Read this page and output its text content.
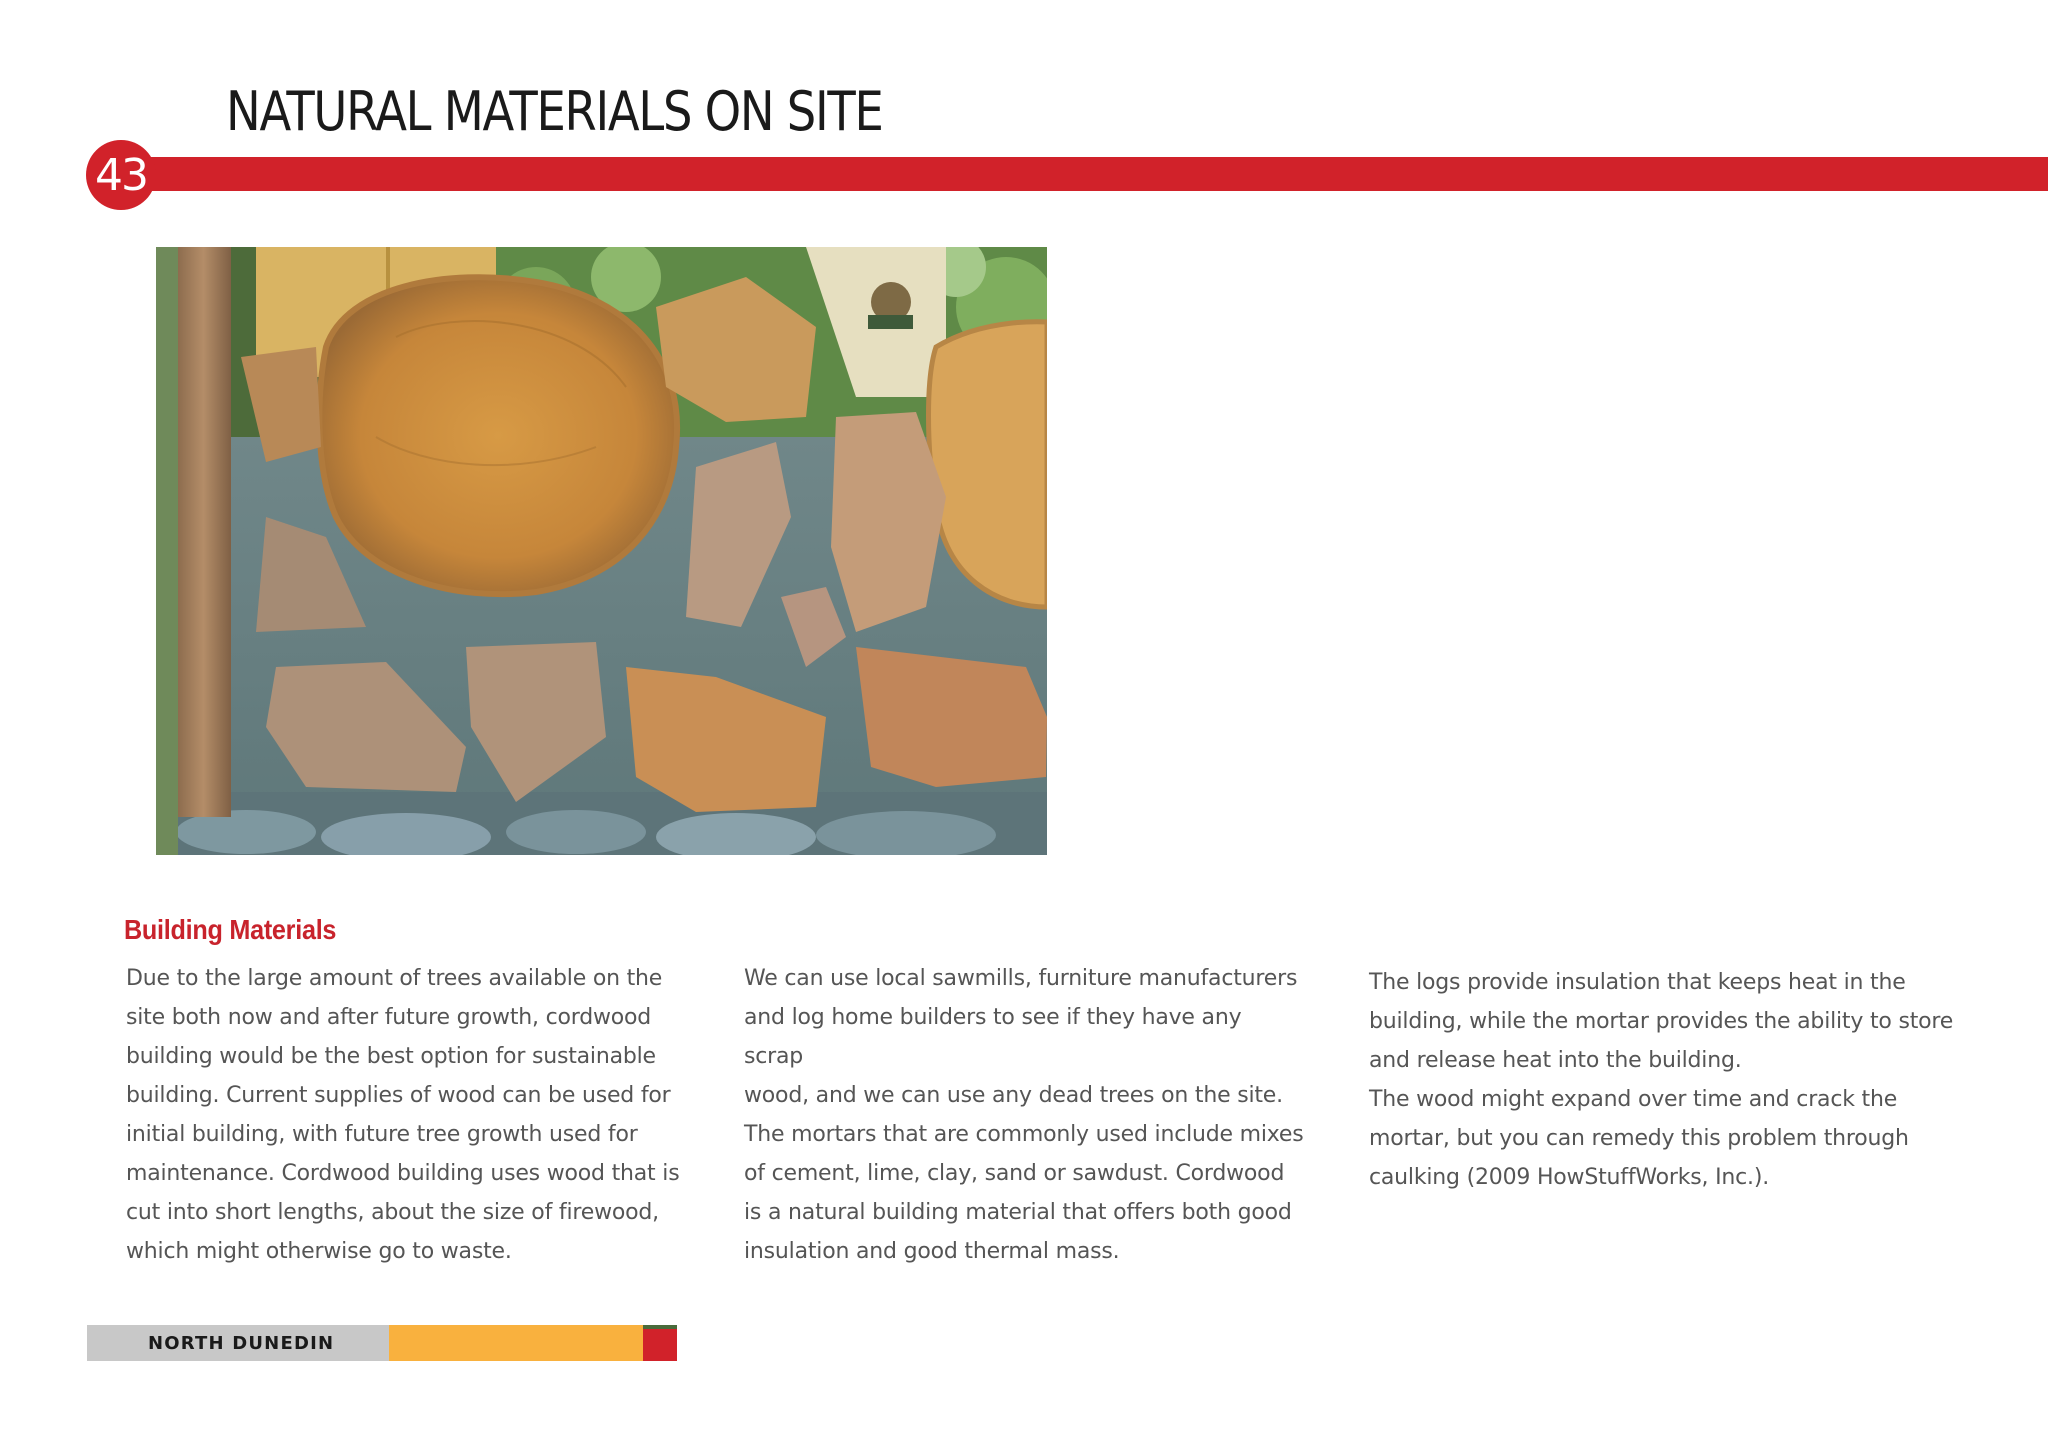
NATURAL MATERIALS ON SITE
43
Building Materials

Due to the large amount of trees available on the
site both now and after future growth, cordwood
building would be the best option for sustainable
building. Current supplies of wood can be used for
initial building, with future tree growth used for
maintenance. Cordwood building uses wood that is
cut into short lengths, about the size of firewood,
which might otherwise go to waste.

We can use local sawmills, furniture manufacturers
and log home builders to see if they have any scrap
wood, and we can use any dead trees on the site.
The mortars that are commonly used include mixes
of cement, lime, clay, sand or sawdust. Cordwood
is a natural building material that offers both good
insulation and good thermal mass.

The logs provide insulation that keeps heat in the
building, while the mortar provides the ability to store
and release heat into the building.
The wood might expand over time and crack the
mortar, but you can remedy this problem through
caulking (2009 HowStuffWorks, Inc.).

NORTH DUNEDIN
